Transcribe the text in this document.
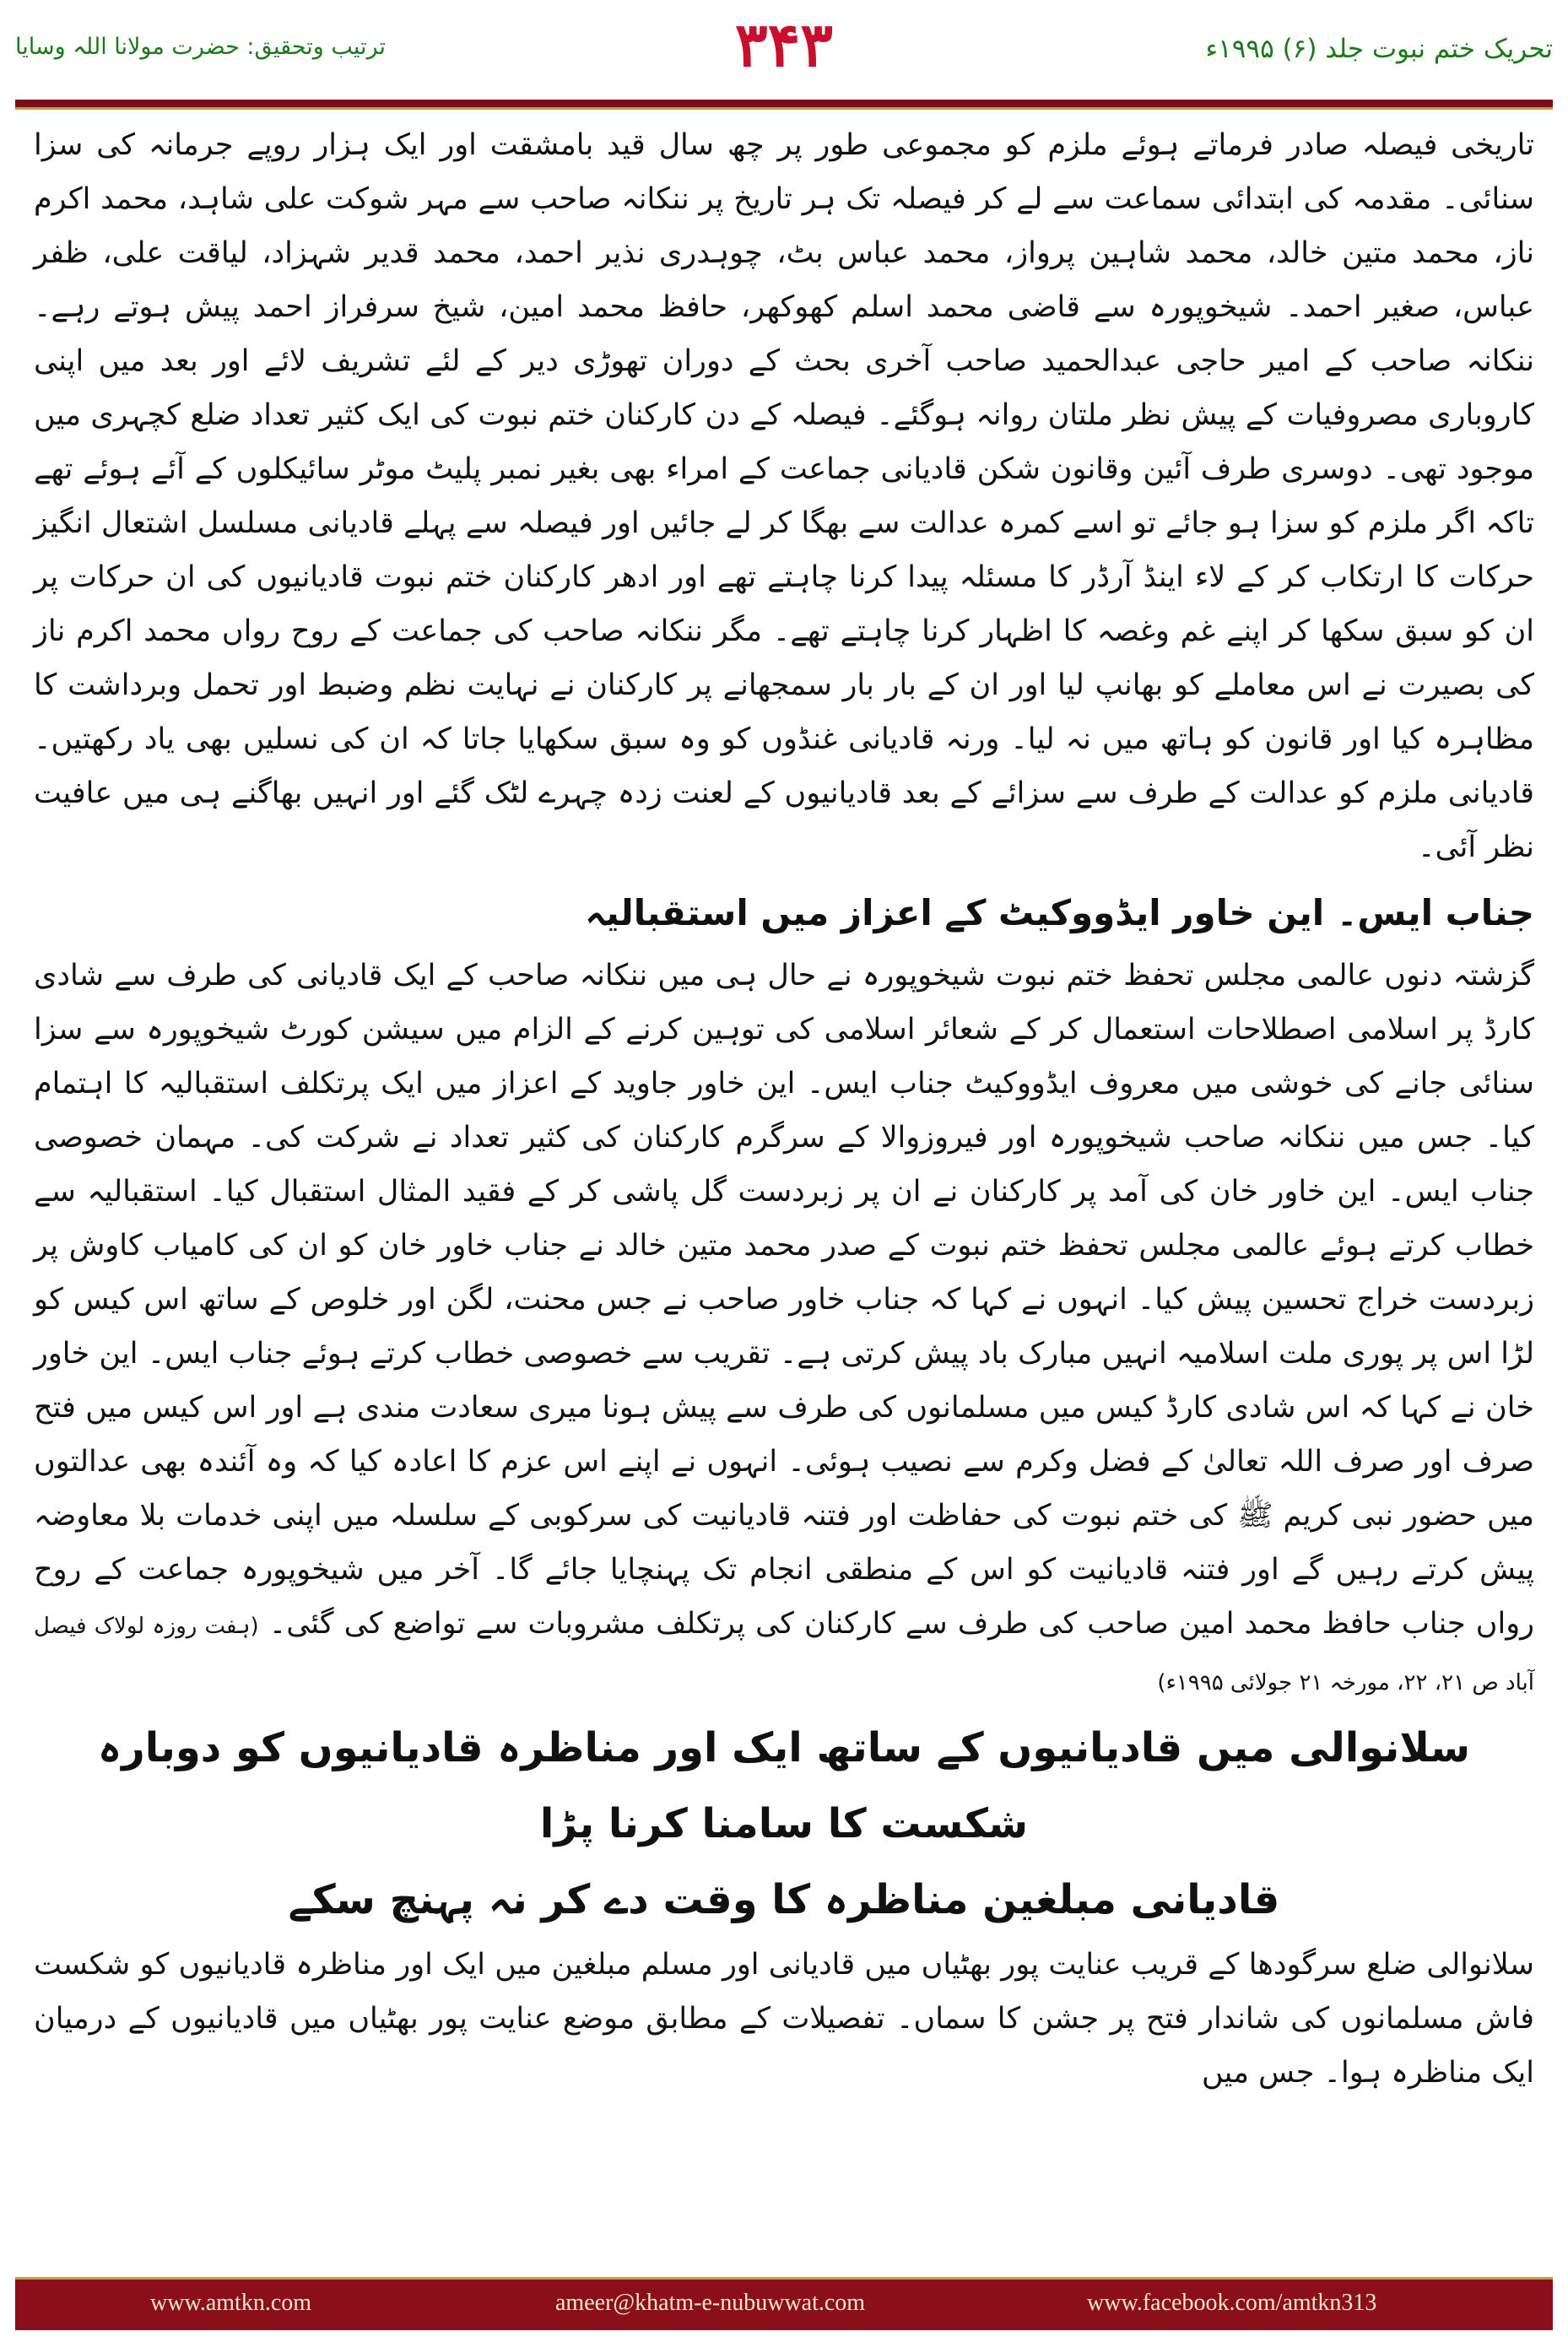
۳۴۳
ترتیب وتحقیق: حضرت مولانا اللہ وسایا	تحریک ختم نبوت جلد (۶) ۱۹۹۵ء

تاریخی فیصلہ صادر فرماتے ہوئے ملزم کو مجموعی طور پر چھ سال قید بامشقت اور ایک ہزار روپے جرمانہ کی سزا سنائی۔ مقدمہ کی ابتدائی سماعت سے لے کر فیصلہ تک ہر تاریخ پر ننکانہ صاحب سے مہر شوکت علی شاہد، محمد اکرم ناز، محمد متین خالد، محمد شاہین پرواز، محمد عباس بٹ، چوہدری نذیر احمد، محمد قدیر شہزاد، لیاقت علی، ظفر عباس، صغیر احمد۔ شیخوپورہ سے قاضی محمد اسلم کھوکھر، حافظ محمد امین، شیخ سرفراز احمد پیش ہوتے رہے۔ ننکانہ صاحب کے امیر حاجی عبدالحمید صاحب آخری بحث کے دوران تھوڑی دیر کے لئے تشریف لائے اور بعد میں اپنی کاروباری مصروفیات کے پیش نظر ملتان روانہ ہوگئے۔ فیصلہ کے دن کارکنان ختم نبوت کی ایک کثیر تعداد ضلع کچہری میں موجود تھی۔ دوسری طرف آئین وقانون شکن قادیانی جماعت کے امراء بھی بغیر نمبر پلیٹ موٹر سائیکلوں کے آئے ہوئے تھے تاکہ اگر ملزم کو سزا ہو جائے تو اسے کمرہ عدالت سے بھگا کر لے جائیں اور فیصلہ سے پہلے قادیانی مسلسل اشتعال انگیز حرکات کا ارتکاب کر کے لاء اینڈ آرڈر کا مسئلہ پیدا کرنا چاہتے تھے اور ادھر کارکنان ختم نبوت قادیانیوں کی ان حرکات پر ان کو سبق سکھا کر اپنے غم وغصہ کا اظہار کرنا چاہتے تھے۔ مگر ننکانہ صاحب کی جماعت کے روح رواں محمد اکرم ناز کی بصیرت نے اس معاملے کو بھانپ لیا اور ان کے بار بار سمجھانے پر کارکنان نے نہایت نظم وضبط اور تحمل وبرداشت کا مظاہرہ کیا اور قانون کو ہاتھ میں نہ لیا۔ ورنہ قادیانی غنڈوں کو وہ سبق سکھایا جاتا کہ ان کی نسلیں بھی یاد رکھتیں۔ قادیانی ملزم کو عدالت کے طرف سے سزائے کے بعد قادیانیوں کے لعنت زدہ چہرے لٹک گئے اور انہیں بھاگنے ہی میں عافیت نظر آئی۔

جناب ایس۔ این خاور ایڈووکیٹ کے اعزاز میں استقبالیہ

گزشتہ دنوں عالمی مجلس تحفظ ختم نبوت شیخوپورہ نے حال ہی میں ننکانہ صاحب کے ایک قادیانی کی طرف سے شادی کارڈ پر اسلامی اصطلاحات استعمال کر کے شعائر اسلامی کی توہین کرنے کے الزام میں سیشن کورٹ شیخوپورہ سے سزا سنائی جانے کی خوشی میں معروف ایڈووکیٹ جناب ایس۔ این خاور جاوید کے اعزاز میں ایک پرتکلف استقبالیہ کا اہتمام کیا۔ جس میں ننکانہ صاحب شیخوپورہ اور فیروزوالا کے سرگرم کارکنان کی کثیر تعداد نے شرکت کی۔ مہمان خصوصی جناب ایس۔ این خاور خان کی آمد پر کارکنان نے ان پر زبردست گل پاشی کر کے فقید المثال استقبال کیا۔ استقبالیہ سے خطاب کرتے ہوئے عالمی مجلس تحفظ ختم نبوت کے صدر محمد متین خالد نے جناب خاور خان کو ان کی کامیاب کاوش پر زبردست خراج تحسین پیش کیا۔ انہوں نے کہا کہ جناب خاور صاحب نے جس محنت، لگن اور خلوص کے ساتھ اس کیس کو لڑا اس پر پوری ملت اسلامیہ انہیں مبارک باد پیش کرتی ہے۔ تقریب سے خصوصی خطاب کرتے ہوئے جناب ایس۔ این خاور خان نے کہا کہ اس شادی کارڈ کیس میں مسلمانوں کی طرف سے پیش ہونا میری سعادت مندی ہے اور اس کیس میں فتح صرف اور صرف اللہ تعالیٰ کے فضل وکرم سے نصیب ہوئی۔ انہوں نے اپنے اس عزم کا اعادہ کیا کہ وہ آئندہ بھی عدالتوں میں حضور نبی کریم ﷺ کی ختم نبوت کی حفاظت اور فتنہ قادیانیت کی سرکوبی کے سلسلہ میں اپنی خدمات بلا معاوضہ پیش کرتے رہیں گے اور فتنہ قادیانیت کو اس کے منطقی انجام تک پہنچایا جائے گا۔ آخر میں شیخوپورہ جماعت کے روح رواں جناب حافظ محمد امین صاحب کی طرف سے کارکنان کی پرتکلف مشروبات سے تواضع کی گئی۔ (ہفت روزہ لولاک فیصل آباد ص ۲۱، ۲۲، مورخہ ۲۱ جولائی ۱۹۹۵ء)

سلانوالی میں قادیانیوں کے ساتھ ایک اور مناظرہ قادیانیوں کو دوبارہ شکست کا سامنا کرنا پڑا
قادیانی مبلغین مناظرہ کا وقت دے کر نہ پہنچ سکے

سلانوالی ضلع سرگودھا کے قریب عنایت پور بھٹیاں میں قادیانی اور مسلم مبلغین میں ایک اور مناظرہ قادیانیوں کو شکست فاش مسلمانوں کی شاندار فتح پر جشن کا سماں۔ تفصیلات کے مطابق موضع عنایت پور بھٹیاں میں قادیانیوں کے درمیان ایک مناظرہ ہوا۔ جس میں

www.amtkn.com	ameer@khatm-e-nubuwwat.com	www.facebook.com/amtkn313
